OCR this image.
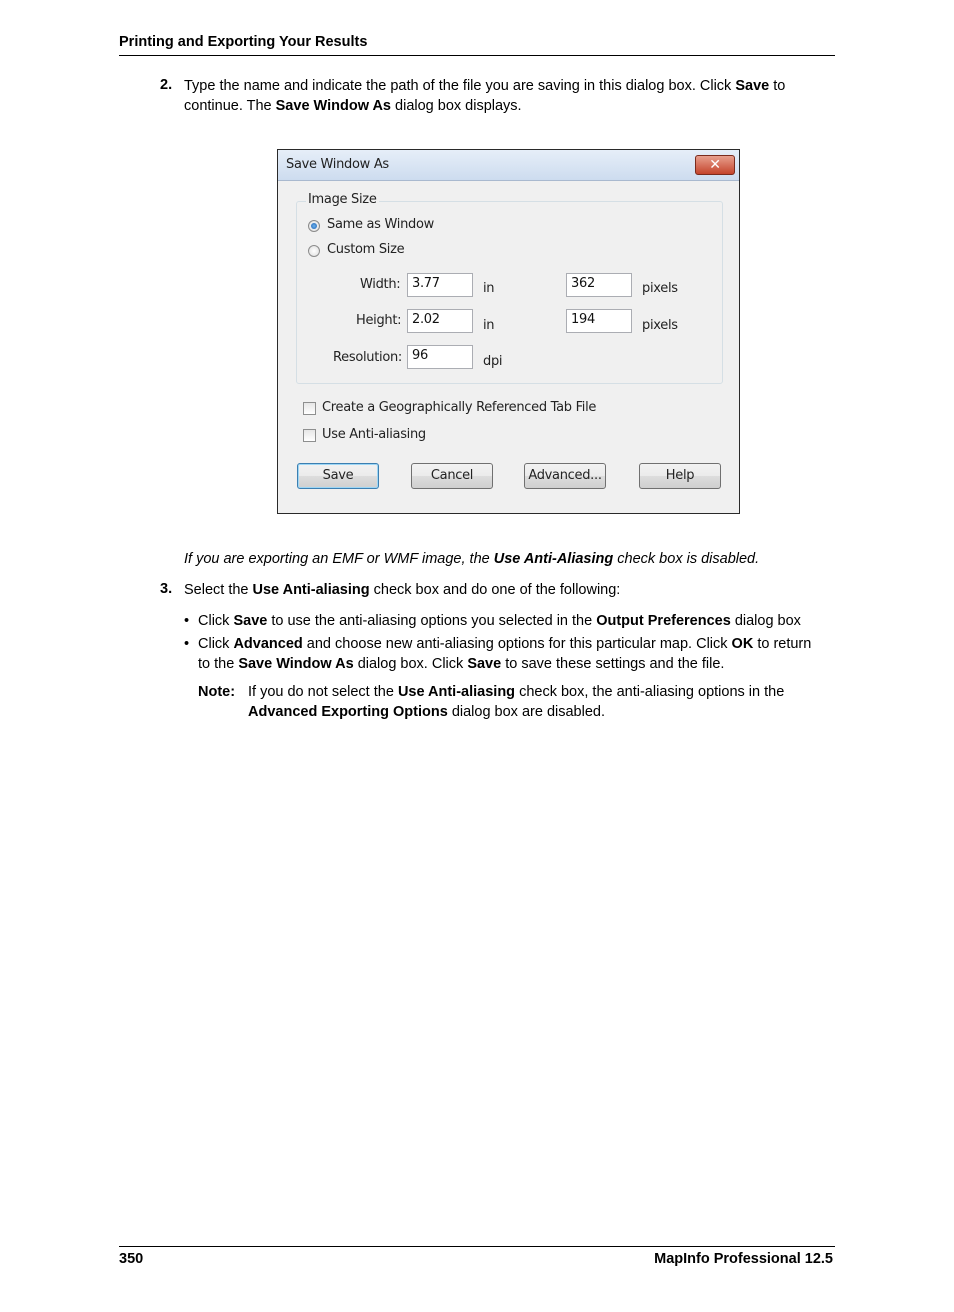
Printing and Exporting Your Results
2. Type the name and indicate the path of the file you are saving in this dialog box. Click Save to
continue. The Save Window As dialog box displays.
Save Window As	✕
Image Size
Same as Window
Custom Size
Width: 3.77	in	362	pixels
Height: 2.02	in	194	pixels
Resolution: 96	dpi
Create a Geographically Referenced Tab File
Use Anti-aliasing
Save	Cancel	Advanced...	Help
If you are exporting an EMF or WMF image, the Use Anti-Aliasing check box is disabled.
3. Select the Use Anti-aliasing check box and do one of the following:
• Click Save to use the anti-aliasing options you selected in the Output Preferences dialog box
• Click Advanced and choose new anti-aliasing options for this particular map. Click OK to return
to the Save Window As dialog box. Click Save to save these settings and the file.
Note: If you do not select the Use Anti-aliasing check box, the anti-aliasing options in the
Advanced Exporting Options dialog box are disabled.
350	MapInfo Professional 12.5
